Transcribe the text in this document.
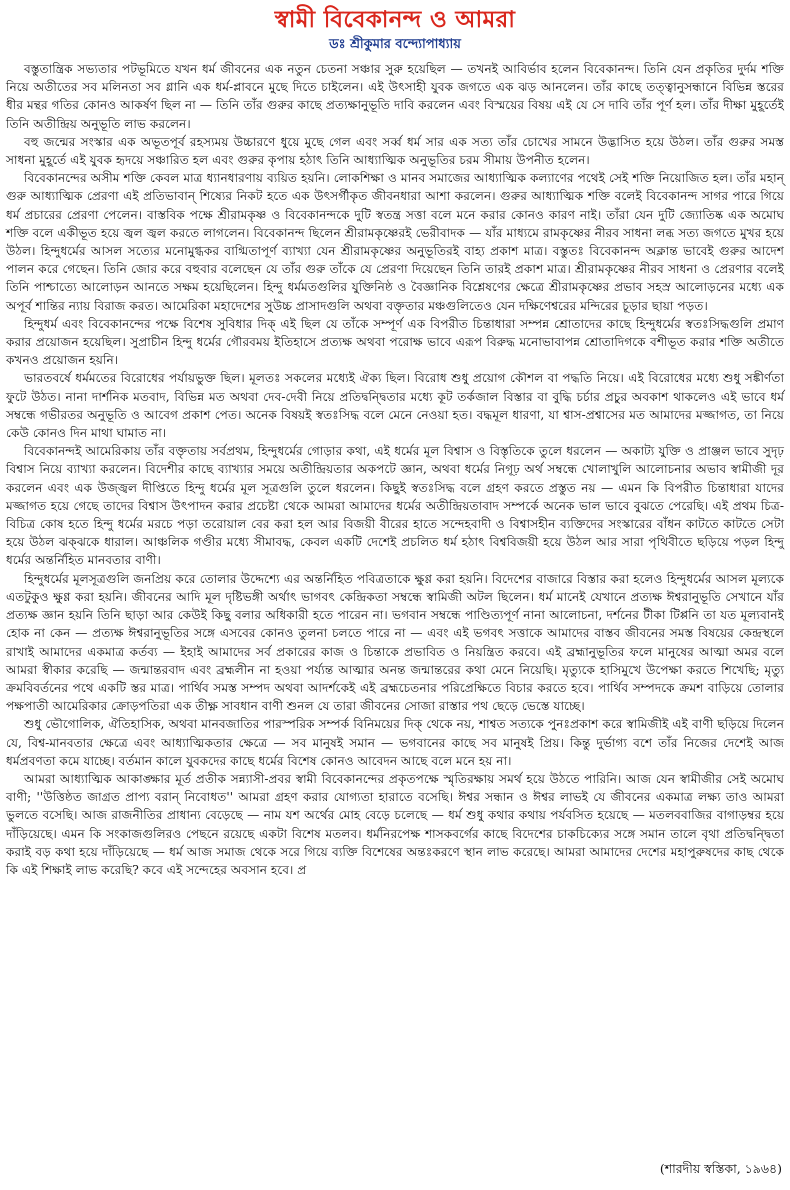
স্বামী বিবেকানন্দ ও আমরা
ডঃ শ্রীকুমার বন্দ্যোপাধ্যায়

বস্তুতান্ত্রিক সভ্যতার পটভূমিতে যখন ধর্ম জীবনের এক নতুন চেতনা সঞ্চার সুরু হয়েছিল — তখনই আবির্ভাব হলেন বিবেকানন্দ। তিনি যেন প্রকৃতির দুর্দম শক্তি নিয়ে অতীতের সব মলিনতা সব গ্লানি এক ধর্ম-প্লাবনে মুছে দিতে চাইলেন। এই উৎসাহী যুবক জগতে এক ঝড় আনলেন। তাঁর কাছে তত্ত্বানুসন্ধানে বিভিন্ন স্তরের ধীর মন্থর গতির কোনও আকর্ষণ ছিল না — তিনি তাঁর গুরুর কাছে প্রত্যক্ষানুভূতি দাবি করলেন এবং বিস্ময়ের বিষয় এই যে সে দাবি তাঁর পূর্ণ হল। তাঁর দীক্ষা মুহূর্তেই তিনি অতীন্দ্রিয় অনুভূতি লাভ করলেন।

বহু জন্মের সংস্কার এক অভূতপূর্ব রহস্যময় উচ্চারণে ধুয়ে মুছে গেল এবং সর্ব্ব ধর্ম সার এক সত্য তাঁর চোখের সামনে উদ্ভাসিত হয়ে উঠল। তাঁর গুরুর সমস্ত সাধনা মুহূর্তে এই যুবক হৃদয়ে সঞ্চারিত হল এবং গুরুর কৃপায় হঠাৎ তিনি আধ্যাত্মিক অনুভূতির চরম সীমায় উপনীত হলেন।

বিবেকানন্দের অসীম শক্তি কেবল মাত্র ধ্যানধারণায় ব্যয়িত হয়নি। লোকশিক্ষা ও মানব সমাজের আধ্যাত্মিক কল্যাণের পথেই সেই শক্তি নিয়োজিত হল। তাঁর মহান্‌ গুরু আধ্যাত্মিক প্রেরণা এই প্রতিভাবান্‌ শিষ্যের নিকট হতে এক উৎসর্গীকৃত জীবনধারা আশা করলেন। গুরুর আধ্যাত্মিক শক্তি বলেই বিবেকানন্দ সাগর পারে গিয়ে ধর্ম প্রচারের প্রেরণা পেলেন। বাস্তবিক পক্ষে শ্রীরামকৃষ্ণ ও বিবেকানন্দকে দুটি স্বতন্ত্র সত্তা বলে মনে করার কোনও কারণ নাই। তাঁরা যেন দুটি জ্যোতিষ্ক এক অমোঘ শক্তি বলে একীভূত হয়ে জ্বল জ্বল করতে লাগলেন। বিবেকানন্দ ছিলেন শ্রীরামকৃষ্ণেরই ভেরীবাদক — যাঁর মাধ্যমে রামকৃষ্ণের নীরব সাধনা লব্ধ সত্য জগতে মুখর হয়ে উঠল। হিন্দুধর্মের আসল সত্যের মনোমুগ্ধকর বাগ্মিতাপূর্ণ ব্যাখ্যা যেন শ্রীরামকৃষ্ণের অনুভূতিরই বাহ্য প্রকাশ মাত্র। বস্তুতঃ বিবেকানন্দ অক্লান্ত ভাবেই গুরুর আদেশ পালন করে গেছেন। তিনি জোর করে বহুবার বলেছেন যে তাঁর গুরু তাঁকে যে প্রেরণা দিয়েছেন তিনি তারই প্রকাশ মাত্র। শ্রীরামকৃষ্ণের নীরব সাধনা ও প্রেরণার বলেই তিনি পাশ্চাত্যে আলোড়ন আনতে সক্ষম হয়েছিলেন। হিন্দু ধর্মমতগুলির যুক্তিনিষ্ঠ ও বৈজ্ঞানিক বিশ্লেষণের ক্ষেত্রে শ্রীরামকৃষ্ণের প্রভাব সহস্র আলোড়নের মধ্যে এক অপূর্ব শান্তির ন্যায় বিরাজ করত। আমেরিকা মহাদেশের সুউচ্চ প্রাসাদগুলি অথবা বক্তৃতার মঞ্চগুলিতেও যেন দক্ষিণেশ্বরের মন্দিরের চূড়ার ছায়া পড়ত।

হিন্দুধর্ম এবং বিবেকানন্দের পক্ষে বিশেষ সুবিধার দিক্‌ এই ছিল যে তাঁকে সম্পূর্ণ এক বিপরীত চিন্তাধারা সম্পন্ন শ্রোতাদের কাছে হিন্দুধর্মের স্বতঃসিদ্ধগুলি প্রমাণ করার প্রয়োজন হয়েছিল। সুপ্রাচীন হিন্দু ধর্মের গৌরবময় ইতিহাসে প্রত্যক্ষ অথবা পরোক্ষ ভাবে এরূপ বিরুদ্ধ মনোভাবাপন্ন শ্রোতাদিগকে বশীভূত করার শক্তি অতীতে কখনও প্রয়োজন হয়নি।

ভারতবর্ষে ধর্মমতের বিরোধের পর্যায়ভুক্ত ছিল। মূলতঃ সকলের মধ্যেই ঐক্য ছিল। বিরোধ শুধু প্রয়োগ কৌশল বা পদ্ধতি নিয়ে। এই বিরোধের মধ্যে শুধু সঙ্কীর্ণতা ফুটে উঠত। নানা দার্শনিক মতবাদ, বিভিন্ন মত অথবা দেব-দেবী নিয়ে প্রতিদ্বন্দ্বিতার মধ্যে কূট তর্কজাল বিস্তার বা বুদ্ধি চর্চার প্রচুর অবকাশ থাকলেও এই ভাবে ধর্ম সম্বন্ধে গভীরতর অনুভূতি ও আবেগ প্রকাশ পেত। অনেক বিষয়ই স্বতঃসিদ্ধ বলে মেনে নেওয়া হত। বদ্ধমূল ধারণা, যা শ্বাস-প্রশ্বাসের মত আমাদের মজ্জাগত, তা নিয়ে কেউ কোনও দিন মাথা ঘামাত না।

বিবেকানন্দই আমেরিকায় তাঁর বক্তৃতায় সর্বপ্রথম, হিন্দুধর্মের গোড়ার কথা, এই ধর্মের মূল বিশ্বাস ও বিস্তৃতিকে তুলে ধরলেন — অকাট্য যুক্তি ও প্রাঞ্জল ভাবে সুদৃঢ় বিশ্বাস নিয়ে ব্যাখ্যা করলেন। বিদেশীর কাছে ব্যাখ্যার সময়ে অতীন্দ্রিয়তার অকপটে জ্ঞান, অথবা ধর্মের নিগূঢ় অর্থ সম্বন্ধে খোলাখুলি আলোচনার অভাব স্বামীজী দূর করলেন এবং এক উজ্জ্বল দীপ্তিতে হিন্দু ধর্মের মূল সূত্রগুলি তুলে ধরলেন। কিছুই স্বতঃসিদ্ধ বলে গ্রহণ করতে প্রস্তুত নয় — এমন কি বিপরীত চিন্তাধারা যাদের মজ্জাগত হয়ে গেছে তাদের বিশ্বাস উৎপাদন করার প্রচেষ্টা থেকে আমরা আমাদের ধর্মের অতীন্দ্রিয়তাবাদ সম্পর্কে অনেক ভাল ভাবে বুঝতে পেরেছি। এই প্রথম চিত্র-বিচিত্র কোষ হতে হিন্দু ধর্মের মরচে পড়া তরোয়াল বের করা হল আর বিজয়ী বীরের হাতে সন্দেহবাদী ও বিশ্বাসহীন ব্যক্তিদের সংস্কারের বাঁধন কাটতে কাটতে সেটা হয়ে উঠল ঝক্‌ঝকে ধারাল। আঞ্চলিক গণ্ডীর মধ্যে সীমাবদ্ধ, কেবল একটি দেশেই প্রচলিত ধর্ম হঠাৎ বিশ্ববিজয়ী হয়ে উঠল আর সারা পৃথিবীতে ছড়িয়ে পড়ল হিন্দু ধর্মের অন্তর্নিহিত মানবতার বাণী।

হিন্দুধর্মের মূলসূত্রগুলি জনপ্রিয় করে তোলার উদ্দেশ্যে এর অন্তর্নিহিত পবিত্রতাকে ক্ষুণ্ণ করা হয়নি। বিদেশের বাজারে বিস্তার করা হলেও হিন্দুধর্মের আসল মূল্যকে এতটুকুও ক্ষুণ্ণ করা হয়নি। জীবনের আদি মূল দৃষ্টিভঙ্গী অর্থাৎ ভাগবৎ কেন্দ্রিকতা সম্বন্ধে স্বামিজী অটল ছিলেন। ধর্ম মানেই যেখানে প্রত্যক্ষ ঈশ্বরানুভূতি সেখানে যাঁর প্রত্যক্ষ জ্ঞান হয়নি তিনি ছাড়া আর কেউই কিছু বলার অধিকারী হতে পারেন না। ভগবান সম্বন্ধে পাণ্ডিত্যপূর্ণ নানা আলোচনা, দর্শনের টীকা টিপ্পনি তা যত মূল্যবানই হোক না কেন — প্রত্যক্ষ ঈশ্বরানুভূতির সঙ্গে এসবের কোনও তুলনা চলতে পারে না — এবং এই ভগবৎ সত্তাকে আমাদের বাস্তব জীবনের সমস্ত বিষয়ের কেন্দ্রস্থলে রাখাই আমাদের একমাত্র কর্তব্য — ইহাই আমাদের সর্ব প্রকারের কাজ ও চিন্তাকে প্রভাবিত ও নিয়ন্ত্রিত করবে। এই ব্রহ্মানুভূতির ফলে মানুষের আত্মা অমর বলে আমরা স্বীকার করেছি — জন্মান্তরবাদ এবং ব্রহ্মলীন না হওয়া পর্য্যন্ত আত্মার অনন্ত জন্মান্তরের কথা মেনে নিয়েছি। মৃত্যুকে হাসিমুখে উপেক্ষা করতে শিখেছি; মৃত্যু ক্রমবিবর্তনের পথে একটি স্তর মাত্র। পার্থিব সমস্ত সম্পদ অথবা আদর্শকেই এই ব্রহ্মচেতনার পরিপ্রেক্ষিতে বিচার করতে হবে। পার্থিব সম্পদকে ক্রমশ বাড়িয়ে তোলার পক্ষপাতী আমেরিকার ক্রোড়পতিরা এক তীক্ষ্ণ সাবধান বাণী শুনল যে তারা জীবনের সোজা রাস্তার পথ ছেড়ে ভেস্তে যাচ্ছে।

শুধু ভৌগোলিক, ঐতিহাসিক, অথবা মানবজাতির পারস্পরিক সম্পর্ক বিনিময়ের দিক্‌ থেকে নয়, শাশ্বত সত্যকে পুনঃপ্রকাশ করে স্বামিজীই এই বাণী ছড়িয়ে দিলেন যে, বিশ্ব-মানবতার ক্ষেত্রে এবং আধ্যাত্মিকতার ক্ষেত্রে — সব মানুষই সমান — ভগবানের কাছে সব মানুষই প্রিয়। কিন্তু দুর্ভাগ্য বশে তাঁর নিজের দেশেই আজ ধর্মপ্রবণতা কমে যাচ্ছে। বর্তমান কালে যুবকদের কাছে ধর্মের বিশেষ কোনও আবেদন আছে বলে মনে হয় না।

আমরা আধ্যাত্মিক আকাঙ্ক্ষার মূর্ত প্রতীক সন্ন্যাসী-প্রবর স্বামী বিবেকানন্দের প্রকৃতপক্ষে স্মৃতিরক্ষায় সমর্থ হয়ে উঠতে পারিনি। আজ যেন স্বামীজীর সেই অমোঘ বাণী; ''উত্তিষ্ঠত জাগ্রত প্রাপ্য বরান্‌ নিবোধত'' আমরা গ্রহণ করার যোগ্যতা হারাতে বসেছি। ঈশ্বর সন্ধান ও ঈশ্বর লাভই যে জীবনের একমাত্র লক্ষ্য তাও আমরা ভুলতে বসেছি। আজ রাজনীতির প্রাধান্য বেড়েছে — নাম যশ অর্থের মোহ বেড়ে চলেছে — ধর্ম শুধু কথার কথায় পর্যবসিত হয়েছে — মতলববাজির বাগাড়ম্বর হয়ে দাঁড়িয়েছে। এমন কি সংকাজগুলিরও পেছনে রয়েছে একটা বিশেষ মতলব। ধর্মনিরপেক্ষ শাসকবর্গের কাছে বিদেশের চাকচিক্যের সঙ্গে সমান তালে বৃথা প্রতিদ্বন্দ্বিতা করাই বড় কথা হয়ে দাঁড়িয়েছে — ধর্ম আজ সমাজ থেকে সরে গিয়ে ব্যক্তি বিশেষের অন্তঃকরণে স্থান লাভ করেছে। আমরা আমাদের দেশের মহাপুরুষদের কাছ থেকে কি এই শিক্ষাই লাভ করেছি? কবে এই সন্দেহের অবসান হবে। প্র

(শারদীয় স্বস্তিকা, ১৯৬৪)
